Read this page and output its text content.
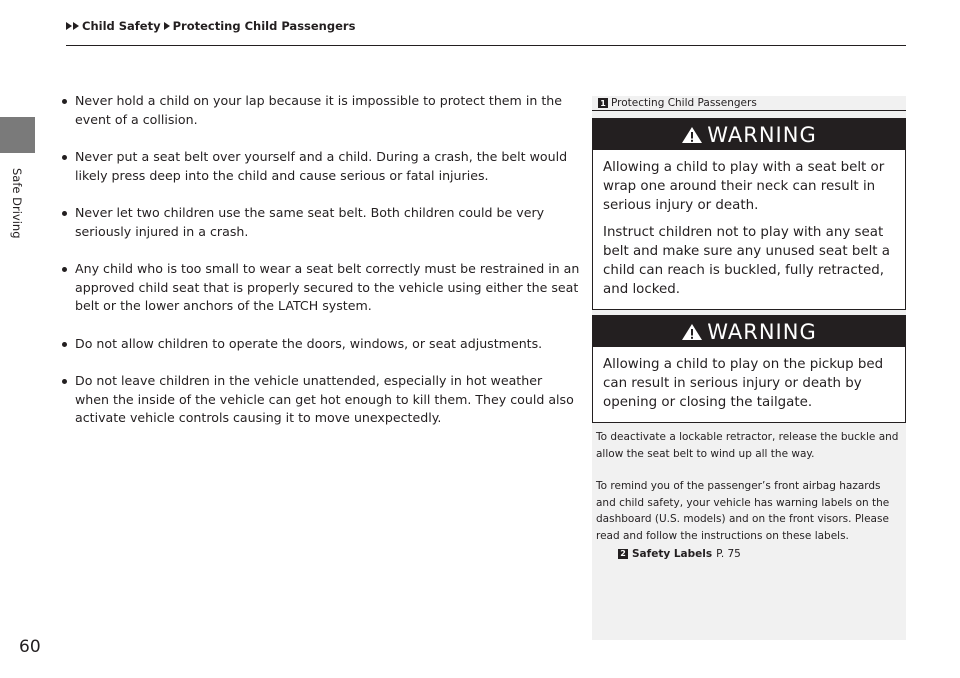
Child Safety Protecting Child Passengers
Safe Driving
Never hold a child on your lap because it is impossible to protect them in the event of a collision.
Never put a seat belt over yourself and a child. During a crash, the belt would likely press deep into the child and cause serious or fatal injuries.
Never let two children use the same seat belt. Both children could be very seriously injured in a crash.
Any child who is too small to wear a seat belt correctly must be restrained in an approved child seat that is properly secured to the vehicle using either the seat belt or the lower anchors of the LATCH system.
Do not allow children to operate the doors, windows, or seat adjustments.
Do not leave children in the vehicle unattended, especially in hot weather when the inside of the vehicle can get hot enough to kill them. They could also activate vehicle controls causing it to move unexpectedly.
1 Protecting Child Passengers
WARNING

Allowing a child to play with a seat belt or wrap one around their neck can result in serious injury or death.

Instruct children not to play with any seat belt and make sure any unused seat belt a child can reach is buckled, fully retracted, and locked.

WARNING

Allowing a child to play on the pickup bed can result in serious injury or death by opening or closing the tailgate.

To deactivate a lockable retractor, release the buckle and allow the seat belt to wind up all the way.

To remind you of the passenger’s front airbag hazards and child safety, your vehicle has warning labels on the dashboard (U.S. models) and on the front visors. Please read and follow the instructions on these labels.

2 Safety Labels P. 75
60
